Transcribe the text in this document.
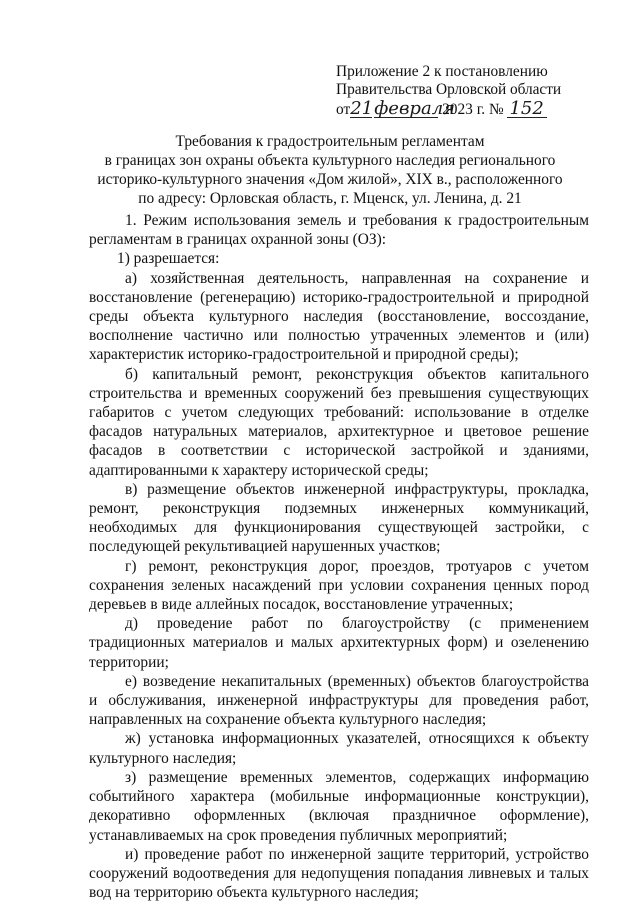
Приложение 2 к постановлению
Правительства Орловской области
от21февраля 2023 г. № 152
Требования к градостроительным регламентам
в границах зон охраны объекта культурного наследия регионального
историко-культурного значения «Дом жилой», XIX в., расположенного
по адресу: Орловская область, г. Мценск, ул. Ленина, д. 21

1. Режим использования земель и требования к градостроительным регламентам в границах охранной зоны (ОЗ):

1) разрешается:

а) хозяйственная деятельность, направленная на сохранение и восстановление (регенерацию) историко-градостроительной и природной среды объекта культурного наследия (восстановление, воссоздание, восполнение частично или полностью утраченных элементов и (или) характеристик историко-градостроительной и природной среды);

б) капитальный ремонт, реконструкция объектов капитального строительства и временных сооружений без превышения существующих габаритов с учетом следующих требований: использование в отделке фасадов натуральных материалов, архитектурное и цветовое решение фасадов в соответствии с исторической застройкой и зданиями, адаптированными к характеру исторической среды;

в) размещение объектов инженерной инфраструктуры, прокладка, ремонт, реконструкция подземных инженерных коммуникаций, необходимых для функционирования существующей застройки, с последующей рекультивацией нарушенных участков;

г) ремонт, реконструкция дорог, проездов, тротуаров с учетом сохранения зеленых насаждений при условии сохранения ценных пород деревьев в виде аллейных посадок, восстановление утраченных;

д) проведение работ по благоустройству (с применением традиционных материалов и малых архитектурных форм) и озеленению территории;

е) возведение некапитальных (временных) объектов благоустройства и обслуживания, инженерной инфраструктуры для проведения работ, направленных на сохранение объекта культурного наследия;

ж) установка информационных указателей, относящихся к объекту культурного наследия;

з) размещение временных элементов, содержащих информацию событийного характера (мобильные информационные конструкции), декоративно оформленных (включая праздничное оформление), устанавливаемых на срок проведения публичных мероприятий;

и) проведение работ по инженерной защите территорий, устройство сооружений водоотведения для недопущения попадания ливневых и талых вод на территорию объекта культурного наследия;
